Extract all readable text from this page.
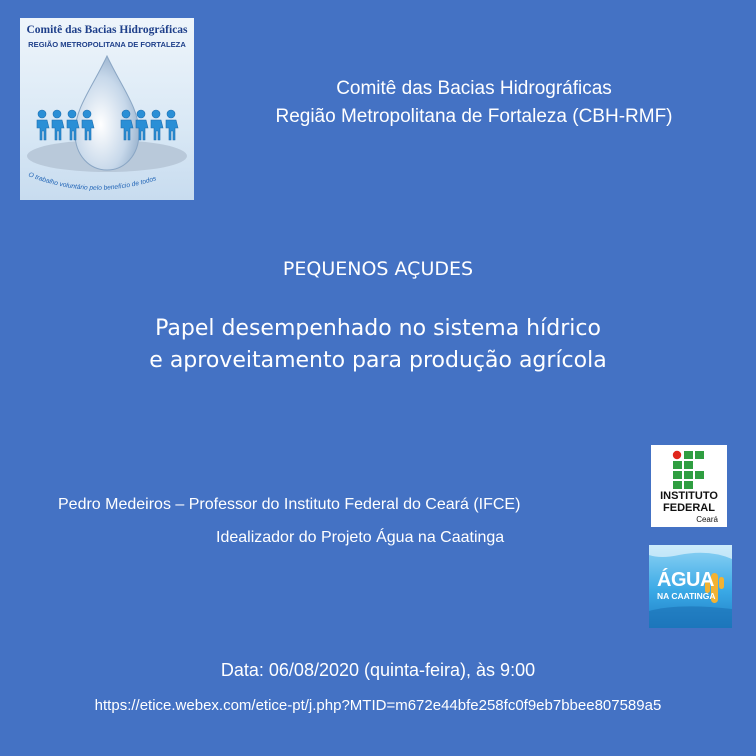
Comitê das Bacias Hidrográficas
REGIÃO METROPOLITANA DE FORTALEZA
O trabalho voluntário pelo benefício de todos
Comitê das Bacias Hidrográficas
Região Metropolitana de Fortaleza (CBH-RMF)
PEQUENOS AÇUDES
Papel desempenhado no sistema hídrico
e aproveitamento para produção agrícola
Pedro Medeiros – Professor do Instituto Federal do Ceará (IFCE)
Idealizador do Projeto Água na Caatinga
INSTITUTO
FEDERAL
Ceará
ÁGUA
NA CAATINGA
Data: 06/08/2020 (quinta-feira), às 9:00
https://etice.webex.com/etice-pt/j.php?MTID=m672e44bfe258fc0f9eb7bbee807589a5
